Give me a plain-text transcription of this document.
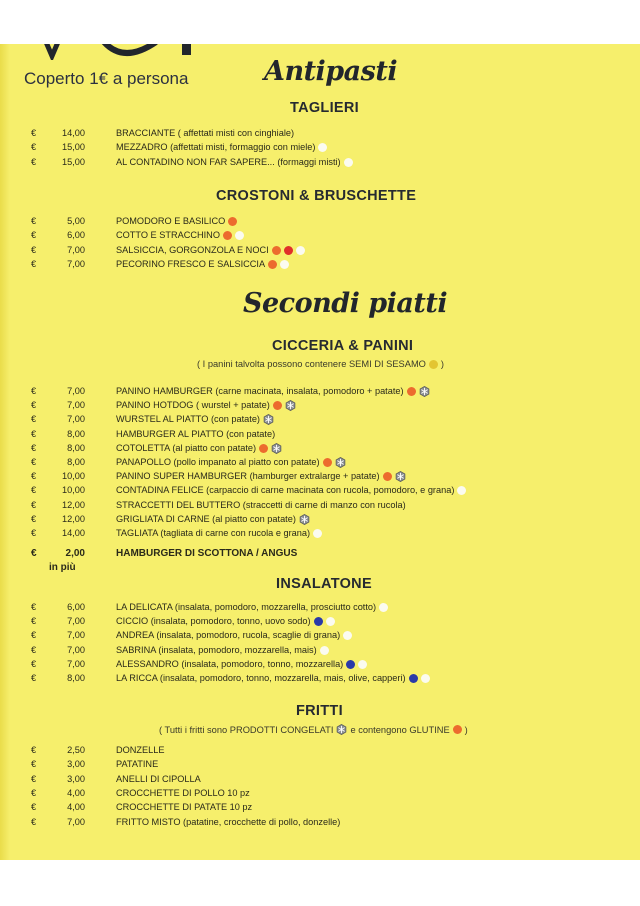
Coperto 1€ a persona	Antipasti
TAGLIERI
€	14,00	BRACCIANTE ( affettati misti con cinghiale)
€	15,00	MEZZADRO (affettati misti, formaggio con miele)
€	15,00	AL CONTADINO NON FAR SAPERE... (formaggi misti)
CROSTONI & BRUSCHETTE
€	5,00	POMODORO E BASILICO
€	6,00	COTTO E STRACCHINO
€	7,00	SALSICCIA, GORGONZOLA E NOCI
€	7,00	PECORINO FRESCO E SALSICCIA
Secondi piatti
CICCERIA & PANINI
( I panini talvolta possono contenere SEMI DI SESAMO )
€	7,00	PANINO HAMBURGER (carne macinata, insalata, pomodoro + patate)
€	7,00	PANINO HOTDOG ( wurstel + patate)
€	7,00	WURSTEL AL PIATTO (con patate)
€	8,00	HAMBURGER AL PIATTO (con patate)
€	8,00	COTOLETTA (al piatto con patate)
€	8,00	PANAPOLLO (pollo impanato al piatto con patate)
€	10,00	PANINO SUPER HAMBURGER (hamburger extralarge + patate)
€	10,00	CONTADINA FELICE (carpaccio di carne macinata con rucola, pomodoro, e grana)
€	12,00	STRACCETTI DEL BUTTERO (straccetti di carne di manzo con rucola)
€	12,00	GRIGLIATA DI CARNE (al piatto con patate)
€	14,00	TAGLIATA (tagliata di carne con rucola e grana)
€	2,00	HAMBURGER DI SCOTTONA / ANGUS
in più
INSALATONE
€	6,00	LA DELICATA (insalata, pomodoro, mozzarella, prosciutto cotto)
€	7,00	CICCIO (insalata, pomodoro, tonno, uovo sodo)
€	7,00	ANDREA (insalata, pomodoro, rucola, scaglie di grana)
€	7,00	SABRINA (insalata, pomodoro, mozzarella, mais)
€	7,00	ALESSANDRO (insalata, pomodoro, tonno, mozzarella)
€	8,00	LA RICCA (insalata, pomodoro, tonno, mozzarella, mais, olive, capperi)
FRITTI
( Tutti i fritti sono PRODOTTI CONGELATI e contengono GLUTINE )
€	2,50	DONZELLE
€	3,00	PATATINE
€	3,00	ANELLI DI CIPOLLA
€	4,00	CROCCHETTE DI POLLO 10 pz
€	4,00	CROCCHETTE DI PATATE 10 pz
€	7,00	FRITTO MISTO (patatine, crocchette di pollo, donzelle)
